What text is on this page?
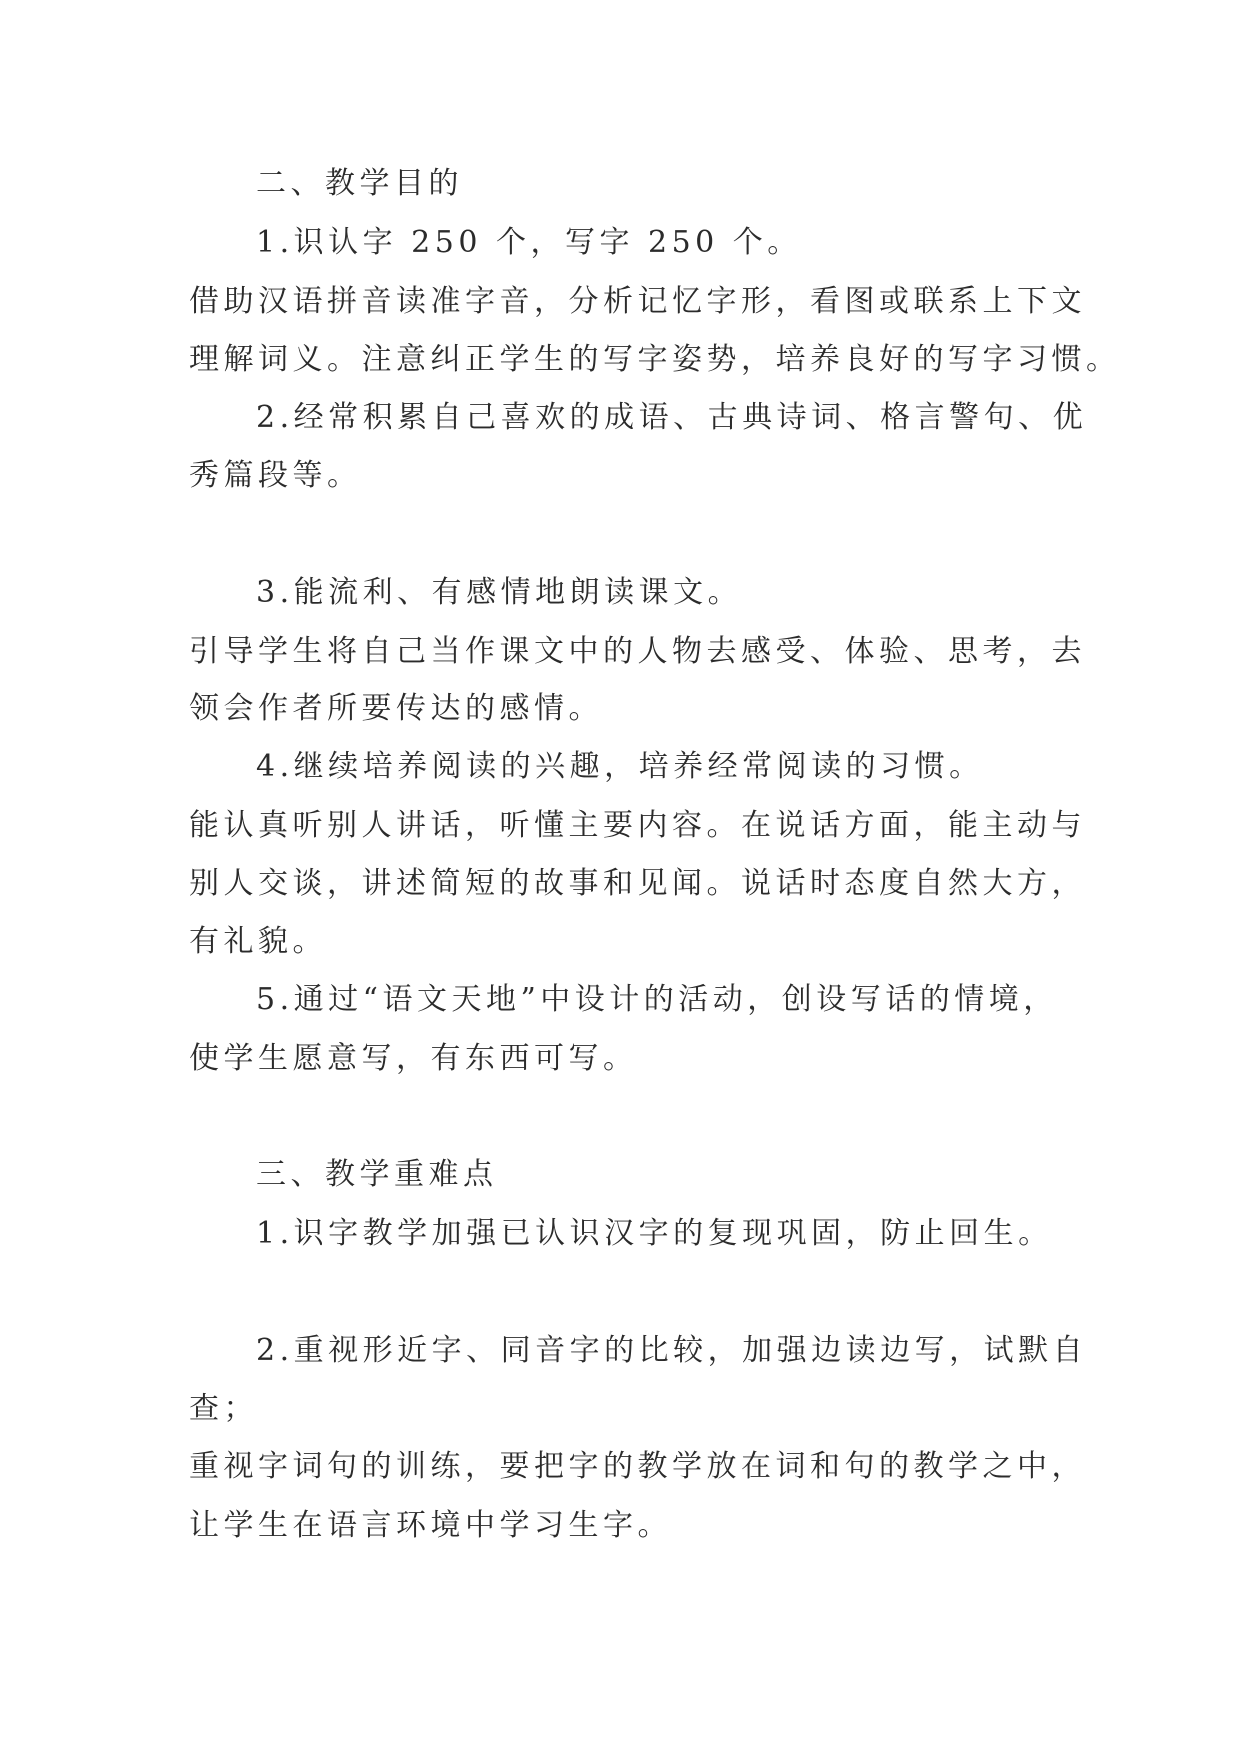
二、教学目的

1.识认字 250 个，写字 250 个。

借助汉语拼音读准字音，分析记忆字形，看图或联系上下文

理解词义。注意纠正学生的写字姿势，培养良好的写字习惯。

2.经常积累自己喜欢的成语、古典诗词、格言警句、优

秀篇段等。

3.能流利、有感情地朗读课文。

引导学生将自己当作课文中的人物去感受、体验、思考，去

领会作者所要传达的感情。

4.继续培养阅读的兴趣，培养经常阅读的习惯。

能认真听别人讲话，听懂主要内容。在说话方面，能主动与

别人交谈，讲述简短的故事和见闻。说话时态度自然大方，

有礼貌。

5.通过“语文天地”中设计的活动，创设写话的情境，

使学生愿意写，有东西可写。

三、教学重难点

1.识字教学加强已认识汉字的复现巩固，防止回生。

2.重视形近字、同音字的比较，加强边读边写，试默自

查；

重视字词句的训练，要把字的教学放在词和句的教学之中，

让学生在语言环境中学习生字。
